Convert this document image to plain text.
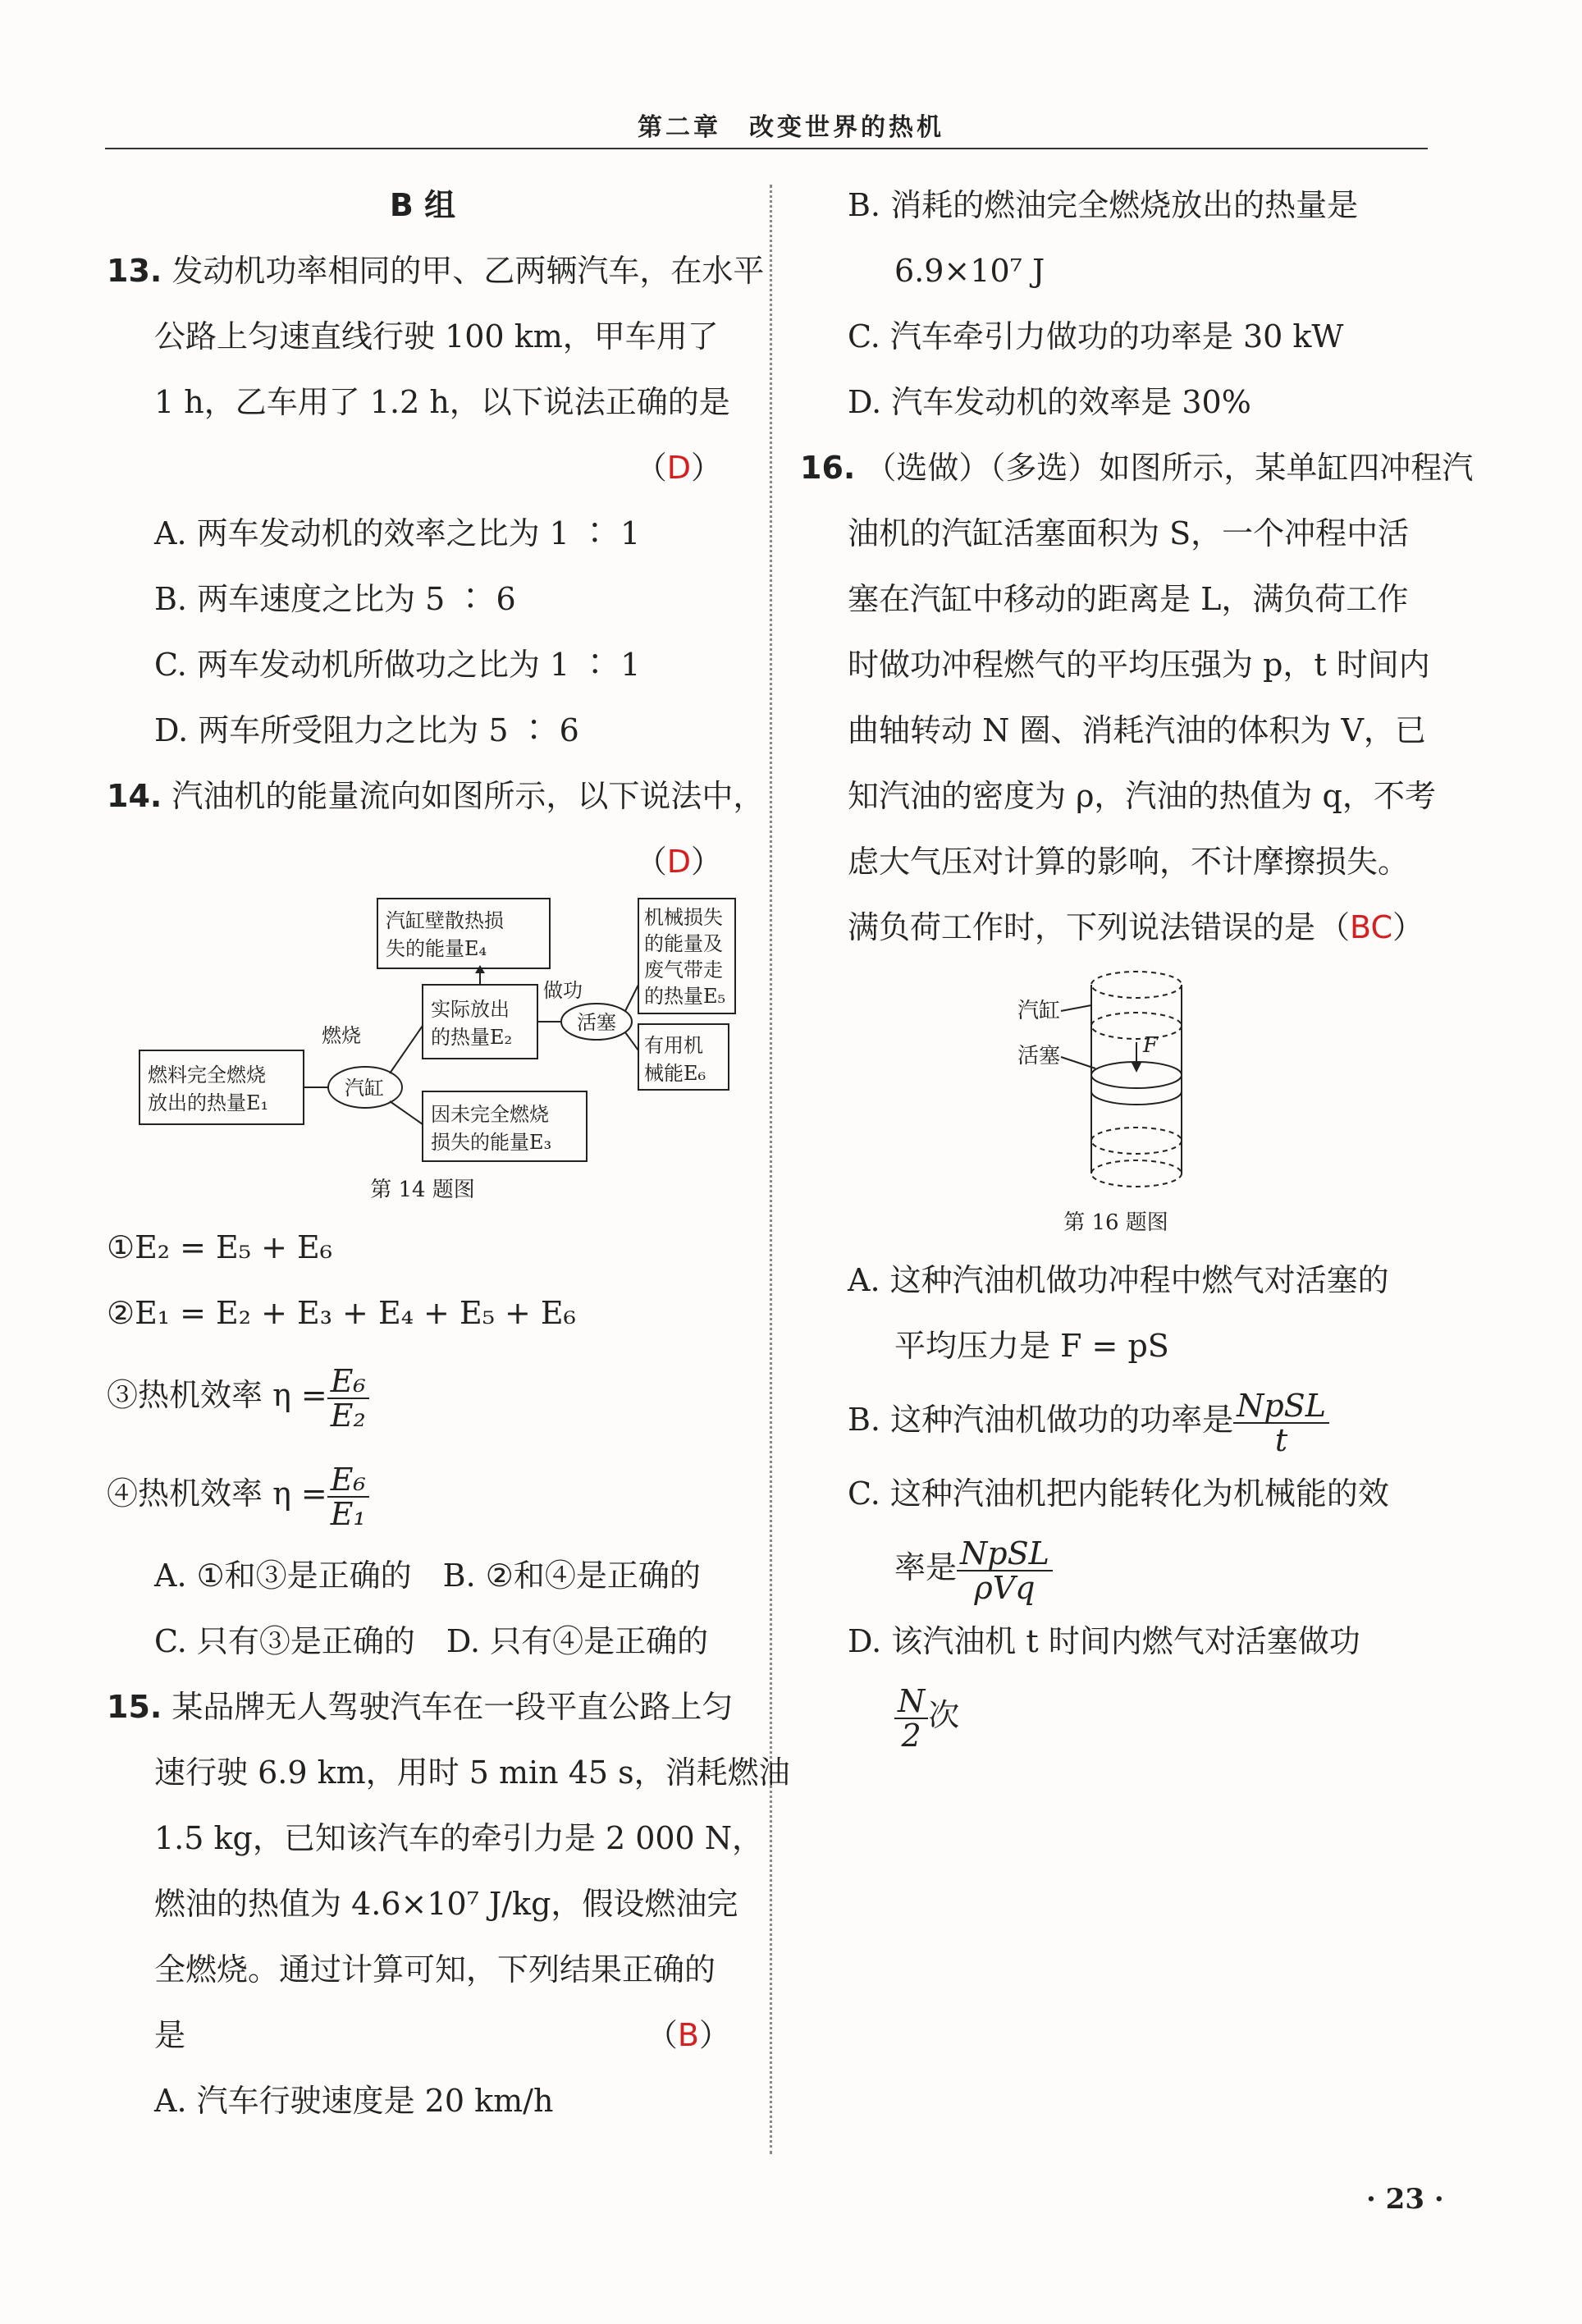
第二章　改变世界的热机
B 组
13. 发动机功率相同的甲、乙两辆汽车，在水平
公路上匀速直线行驶 100 km，甲车用了
1 h，乙车用了 1.2 h，以下说法正确的是
（D）
A. 两车发动机的效率之比为 1 ∶ 1
B. 两车速度之比为 5 ∶ 6
C. 两车发动机所做功之比为 1 ∶ 1
D. 两车所受阻力之比为 5 ∶ 6
14. 汽油机的能量流向如图所示，以下说法中，
（D）
燃料完全燃烧
放出的热量E₁
汽缸
燃烧
实际放出
的热量E₂
因未完全燃烧
损失的能量E₃
汽缸壁散热损
失的能量E₄
活塞
做功
机械损失
的能量及
废气带走
的热量E₅
有用机
械能E₆
第 14 题图
①E₂ = E₅ + E₆
②E₁ = E₂ + E₃ + E₄ + E₅ + E₆
③热机效率 $\eta = \frac{\text{E₆}}{\text{E₂}}$
④热机效率 $\eta = \frac{\text{E₆}}{\text{E₁}}$
A. ①和③是正确的　B. ②和④是正确的
C. 只有③是正确的　D. 只有④是正确的
15. 某品牌无人驾驶汽车在一段平直公路上匀
速行驶 6.9 km，用时 5 min 45 s，消耗燃油
1.5 kg，已知该汽车的牵引力是 2 000 N，
燃油的热值为 4.6×10⁷ J/kg，假设燃油完
全燃烧。通过计算可知，下列结果正确的
是	（B）
A. 汽车行驶速度是 20 km/h
B. 消耗的燃油完全燃烧放出的热量是
6.9×10⁷ J
C. 汽车牵引力做功的功率是 30 kW
D. 汽车发动机的效率是 30%
16. （选做）（多选）如图所示，某单缸四冲程汽
油机的汽缸活塞面积为 S，一个冲程中活
塞在汽缸中移动的距离是 L，满负荷工作
时做功冲程燃气的平均压强为 p，t 时间内
曲轴转动 N 圈、消耗汽油的体积为 V，已
知汽油的密度为 ρ，汽油的热值为 q，不考
虑大气压对计算的影响，不计摩擦损失。
满负荷工作时，下列说法错误的是 （BC）
F
汽缸
活塞
第 16 题图
A. 这种汽油机做功冲程中燃气对活塞的
平均压力是 F = pS
B. 这种汽油机做功的功率是 $\frac{\text{NpSL}}{t}$
C. 这种汽油机把内能转化为机械能的效
率是 $\frac{\text{NpSL}}{\text{ρVq}}$
D. 该汽油机 t 时间内燃气对活塞做功
$\frac{N}{2}$ 次
· 23 ·
